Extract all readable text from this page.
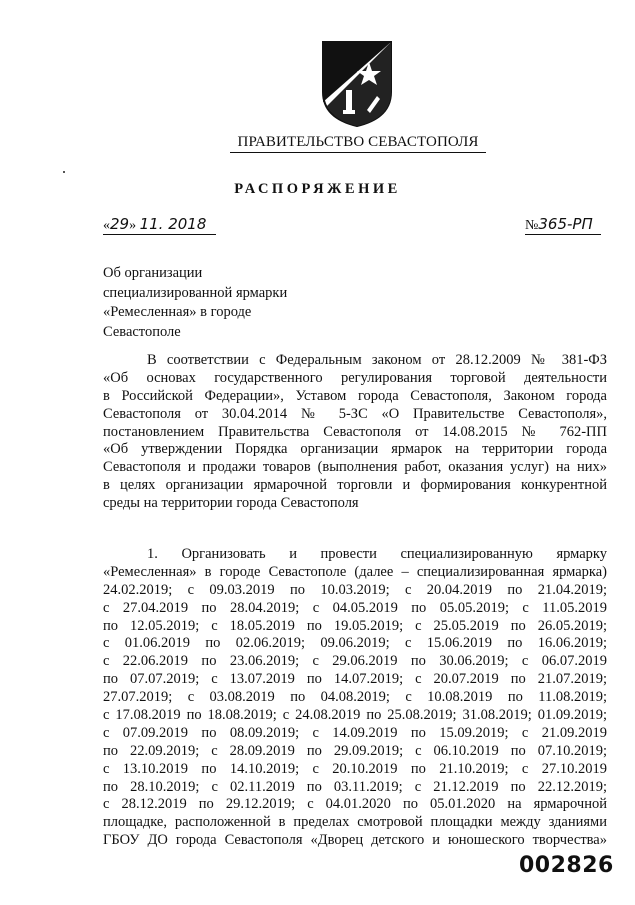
ПРАВИТЕЛЬСТВО СЕВАСТОПОЛЯ
РАСПОРЯЖЕНИЕ
«29» 11. 2018	№365-РП
Об организации
специализированной ярмарки
«Ремесленная» в городе
Севастополе
В соответствии с Федеральным законом от 28.12.2009 № 381-ФЗ
«Об основах государственного регулирования торговой деятельности
в Российской Федерации», Уставом города Севастополя, Законом города
Севастополя от 30.04.2014 № 5-ЗС «О Правительстве Севастополя»,
постановлением Правительства Севастополя от 14.08.2015 № 762-ПП
«Об утверждении Порядка организации ярмарок на территории города
Севастополя и продажи товаров (выполнения работ, оказания услуг) на них»
в целях организации ярмарочной торговли и формирования конкурентной
среды на территории города Севастополя
1. Организовать и провести специализированную ярмарку
«Ремесленная» в городе Севастополе (далее – специализированная ярмарка)
24.02.2019; с 09.03.2019 по 10.03.2019; с 20.04.2019 по 21.04.2019;
с 27.04.2019 по 28.04.2019; с 04.05.2019 по 05.05.2019; с 11.05.2019
по 12.05.2019; с 18.05.2019 по 19.05.2019; с 25.05.2019 по 26.05.2019;
с 01.06.2019 по 02.06.2019; 09.06.2019; с 15.06.2019 по 16.06.2019;
с 22.06.2019 по 23.06.2019; с 29.06.2019 по 30.06.2019; с 06.07.2019
по 07.07.2019; с 13.07.2019 по 14.07.2019; с 20.07.2019 по 21.07.2019;
27.07.2019; с 03.08.2019 по 04.08.2019; с 10.08.2019 по 11.08.2019;
с 17.08.2019 по 18.08.2019; с 24.08.2019 по 25.08.2019; 31.08.2019; 01.09.2019;
с 07.09.2019 по 08.09.2019; с 14.09.2019 по 15.09.2019; с 21.09.2019
по 22.09.2019; с 28.09.2019 по 29.09.2019; с 06.10.2019 по 07.10.2019;
с 13.10.2019 по 14.10.2019; с 20.10.2019 по 21.10.2019; с 27.10.2019
по 28.10.2019; с 02.11.2019 по 03.11.2019; с 21.12.2019 по 22.12.2019;
с 28.12.2019 по 29.12.2019; с 04.01.2020 по 05.01.2020 на ярмарочной
площадке, расположенной в пределах смотровой площадки между зданиями
ГБОУ ДО города Севастополя «Дворец детского и юношеского творчества»
002826
